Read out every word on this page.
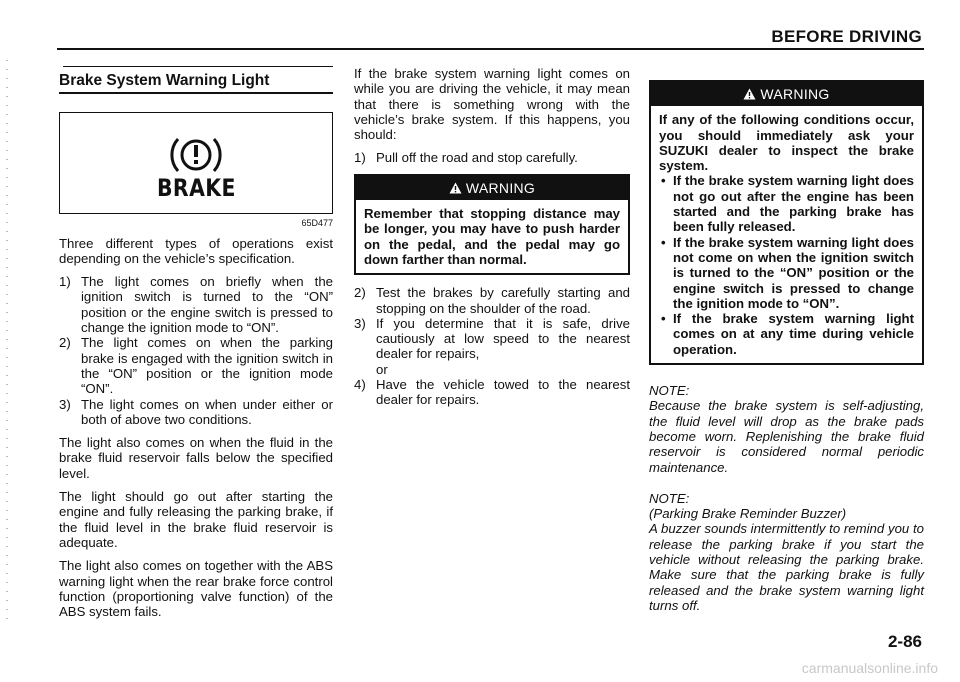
BEFORE DRIVING
Brake System Warning Light
BRAKE
65D477

Three different types of operations exist depending on the vehicle’s specification.

1) The light comes on briefly when the ignition switch is turned to the “ON” position or the engine switch is pressed to change the ignition mode to “ON”.
2) The light comes on when the parking brake is engaged with the ignition switch in the “ON” position or the ignition mode “ON”.
3) The light comes on when under either or both of above two conditions.

The light also comes on when the fluid in the brake fluid reservoir falls below the specified level.

The light should go out after starting the engine and fully releasing the parking brake, if the fluid level in the brake fluid reservoir is adequate.

The light also comes on together with the ABS warning light when the rear brake force control function (proportioning valve function) of the ABS system fails.

If the brake system warning light comes on while you are driving the vehicle, it may mean that there is something wrong with the vehicle’s brake system. If this happens, you should:

1) Pull off the road and stop carefully.
WARNING
Remember that stopping distance may be longer, you may have to push harder on the pedal, and the pedal may go down farther than normal.
2) Test the brakes by carefully starting and stopping on the shoulder of the road.
3) If you determine that it is safe, drive cautiously at low speed to the nearest dealer for repairs,
or
4) Have the vehicle towed to the nearest dealer for repairs.
WARNING
If any of the following conditions occur, you should immediately ask your SUZUKI dealer to inspect the brake system.
• If the brake system warning light does not go out after the engine has been started and the parking brake has been fully released.
• If the brake system warning light does not come on when the ignition switch is turned to the “ON” position or the engine switch is pressed to change the ignition mode to “ON”.
• If the brake system warning light comes on at any time during vehicle operation.
NOTE:
Because the brake system is self-adjusting, the fluid level will drop as the brake pads become worn. Replenishing the brake fluid reservoir is considered normal periodic maintenance.
NOTE:
(Parking Brake Reminder Buzzer)
A buzzer sounds intermittently to remind you to release the parking brake if you start the vehicle without releasing the parking brake. Make sure that the parking brake is fully released and the brake system warning light turns off.
2-86
carmanualsonline.info
